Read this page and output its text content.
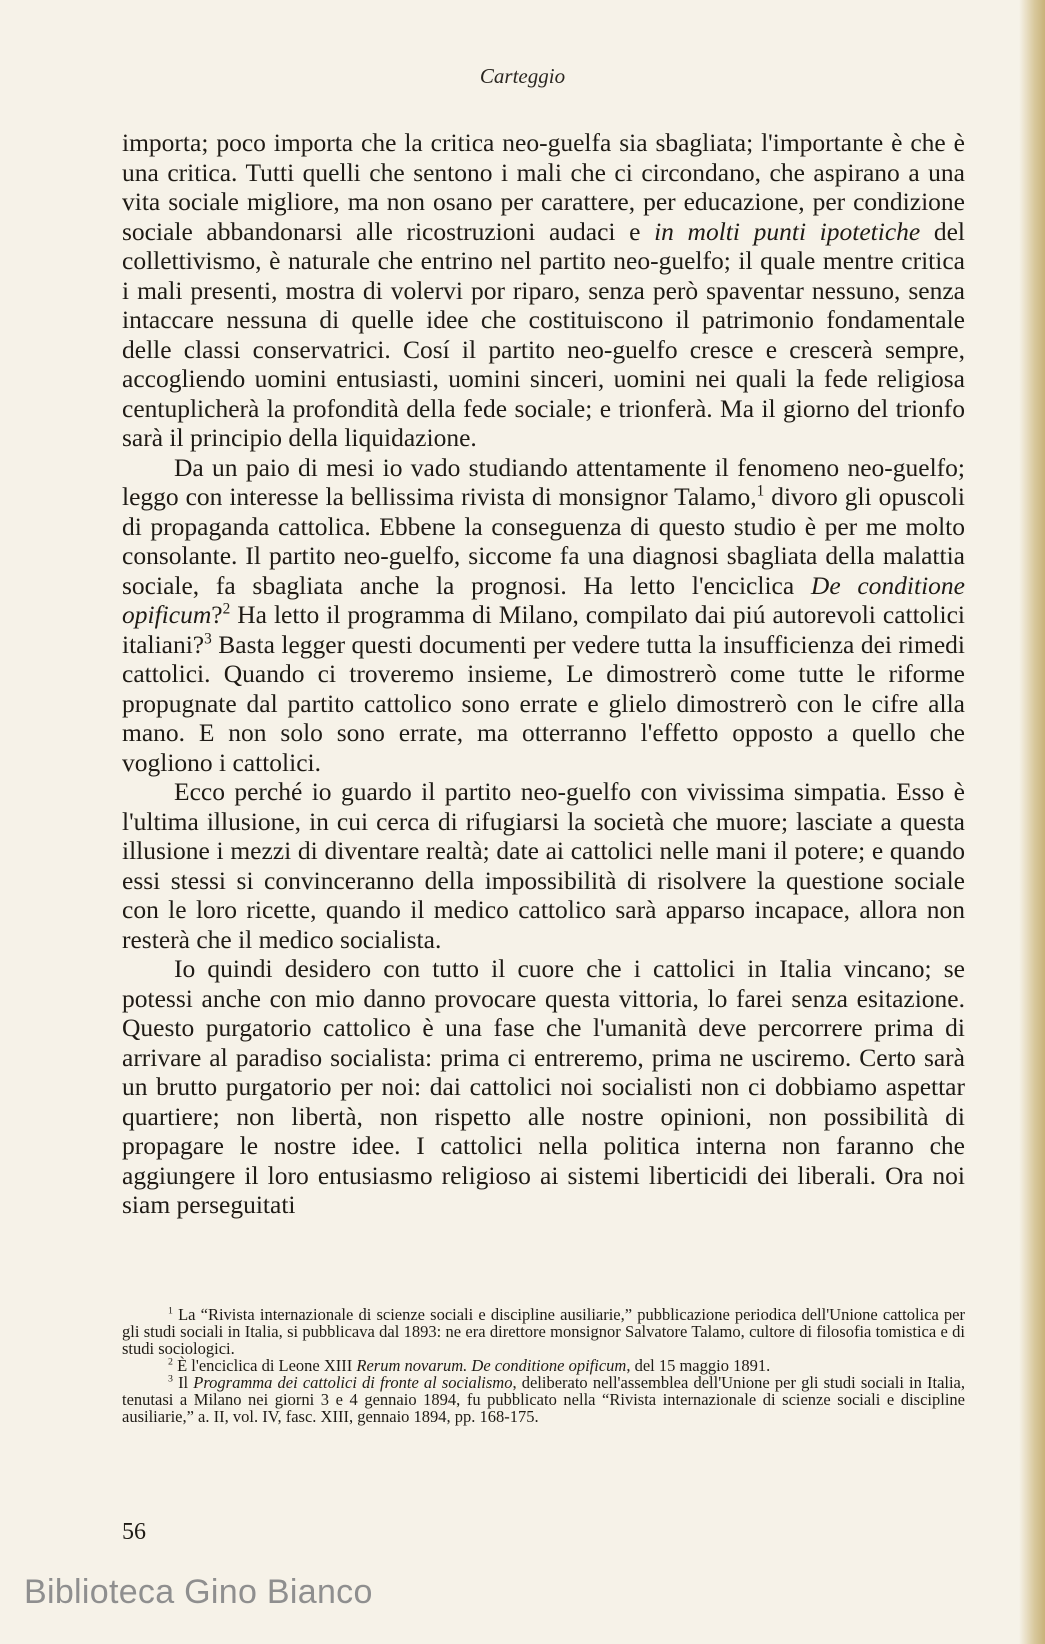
Carteggio

importa; poco importa che la critica neo-guelfa sia sbagliata; l'importante è che è una critica. Tutti quelli che sentono i mali che ci circondano, che aspirano a una vita sociale migliore, ma non osano per carattere, per educazione, per condizione sociale abbandonarsi alle ricostruzioni audaci e in molti punti ipotetiche del collettivismo, è naturale che entrino nel partito neo-guelfo; il quale mentre critica i mali presenti, mostra di volervi por riparo, senza però spaventar nessuno, senza intaccare nessuna di quelle idee che costituiscono il patrimonio fondamentale delle classi conservatrici. Cosí il partito neo-guelfo cresce e crescerà sempre, accogliendo uomini entusiasti, uomini sinceri, uomini nei quali la fede religiosa centuplicherà la profondità della fede sociale; e trionferà. Ma il giorno del trionfo sarà il principio della liquidazione.

Da un paio di mesi io vado studiando attentamente il fenomeno neo-guelfo; leggo con interesse la bellissima rivista di monsignor Talamo,$^1$ divoro gli opuscoli di propaganda cattolica. Ebbene la conseguenza di questo studio è per me molto consolante. Il partito neo-guelfo, siccome fa una diagnosi sbagliata della malattia sociale, fa sbagliata anche la prognosi. Ha letto l'enciclica De conditione opificum?$^2$ Ha letto il programma di Milano, compilato dai piú autorevoli cattolici italiani?$^3$ Basta legger questi documenti per vedere tutta la insufficienza dei rimedi cattolici. Quando ci troveremo insieme, Le dimostrerò come tutte le riforme propugnate dal partito cattolico sono errate e glielo dimostrerò con le cifre alla mano. E non solo sono errate, ma otterranno l'effetto opposto a quello che vogliono i cattolici.

Ecco perché io guardo il partito neo-guelfo con vivissima simpatia. Esso è l'ultima illusione, in cui cerca di rifugiarsi la società che muore; lasciate a questa illusione i mezzi di diventare realtà; date ai cattolici nelle mani il potere; e quando essi stessi si convinceranno della impossibilità di risolvere la questione sociale con le loro ricette, quando il medico cattolico sarà apparso incapace, allora non resterà che il medico socialista.

Io quindi desidero con tutto il cuore che i cattolici in Italia vincano; se potessi anche con mio danno provocare questa vittoria, lo farei senza esitazione. Questo purgatorio cattolico è una fase che l'umanità deve percorrere prima di arrivare al paradiso socialista: prima ci entreremo, prima ne usciremo. Certo sarà un brutto purgatorio per noi: dai cattolici noi socialisti non ci dobbiamo aspettar quartiere; non libertà, non rispetto alle nostre opinioni, non possibilità di propagare le nostre idee. I cattolici nella politica interna non faranno che aggiungere il loro entusiasmo religioso ai sistemi liberticidi dei liberali. Ora noi siam perseguitati

$^1$ La “Rivista internazionale di scienze sociali e discipline ausiliarie,” pubblicazione periodica dell'Unione cattolica per gli studi sociali in Italia, si pubblicava dal 1893: ne era direttore monsignor Salvatore Talamo, cultore di filosofia tomistica e di studi sociologici.

$^2$ È l'enciclica di Leone XIII Rerum novarum. De conditione opificum, del 15 maggio 1891.

$^3$ Il Programma dei cattolici di fronte al socialismo, deliberato nell'assemblea dell'Unione per gli studi sociali in Italia, tenutasi a Milano nei giorni 3 e 4 gennaio 1894, fu pubblicato nella “Rivista internazionale di scienze sociali e discipline ausiliarie,” a. II, vol. IV, fasc. XIII, gennaio 1894, pp. 168-175.

56
Biblioteca Gino Bianco
